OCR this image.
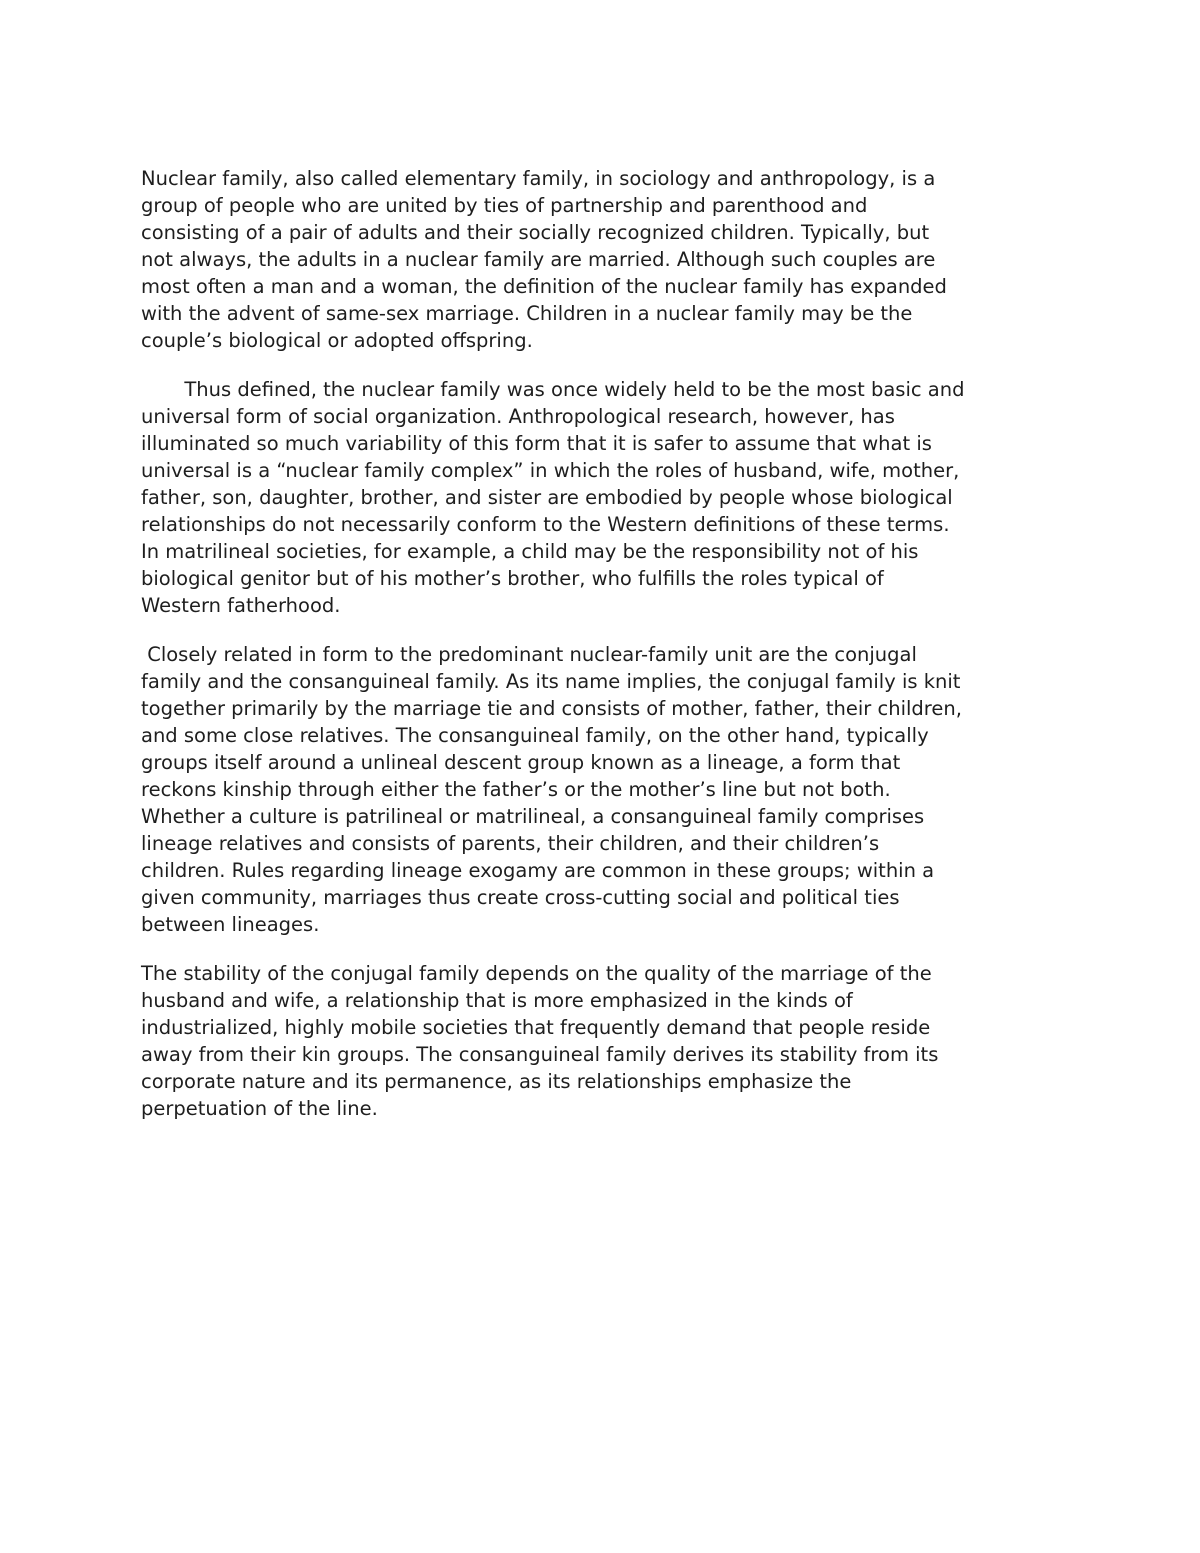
Nuclear family, also called elementary family, in sociology and anthropology, is a
group of people who are united by ties of partnership and parenthood and
consisting of a pair of adults and their socially recognized children. Typically, but
not always, the adults in a nuclear family are married. Although such couples are
most often a man and a woman, the definition of the nuclear family has expanded
with the advent of same-sex marriage. Children in a nuclear family may be the
couple’s biological or adopted offspring.

Thus defined, the nuclear family was once widely held to be the most basic and
universal form of social organization. Anthropological research, however, has
illuminated so much variability of this form that it is safer to assume that what is
universal is a “nuclear family complex” in which the roles of husband, wife, mother,
father, son, daughter, brother, and sister are embodied by people whose biological
relationships do not necessarily conform to the Western definitions of these terms.
In matrilineal societies, for example, a child may be the responsibility not of his
biological genitor but of his mother’s brother, who fulfills the roles typical of
Western fatherhood.

Closely related in form to the predominant nuclear-family unit are the conjugal
family and the consanguineal family. As its name implies, the conjugal family is knit
together primarily by the marriage tie and consists of mother, father, their children,
and some close relatives. The consanguineal family, on the other hand, typically
groups itself around a unlineal descent group known as a lineage, a form that
reckons kinship through either the father’s or the mother’s line but not both.
Whether a culture is patrilineal or matrilineal, a consanguineal family comprises
lineage relatives and consists of parents, their children, and their children’s
children. Rules regarding lineage exogamy are common in these groups; within a
given community, marriages thus create cross-cutting social and political ties
between lineages.

The stability of the conjugal family depends on the quality of the marriage of the
husband and wife, a relationship that is more emphasized in the kinds of
industrialized, highly mobile societies that frequently demand that people reside
away from their kin groups. The consanguineal family derives its stability from its
corporate nature and its permanence, as its relationships emphasize the
perpetuation of the line.
